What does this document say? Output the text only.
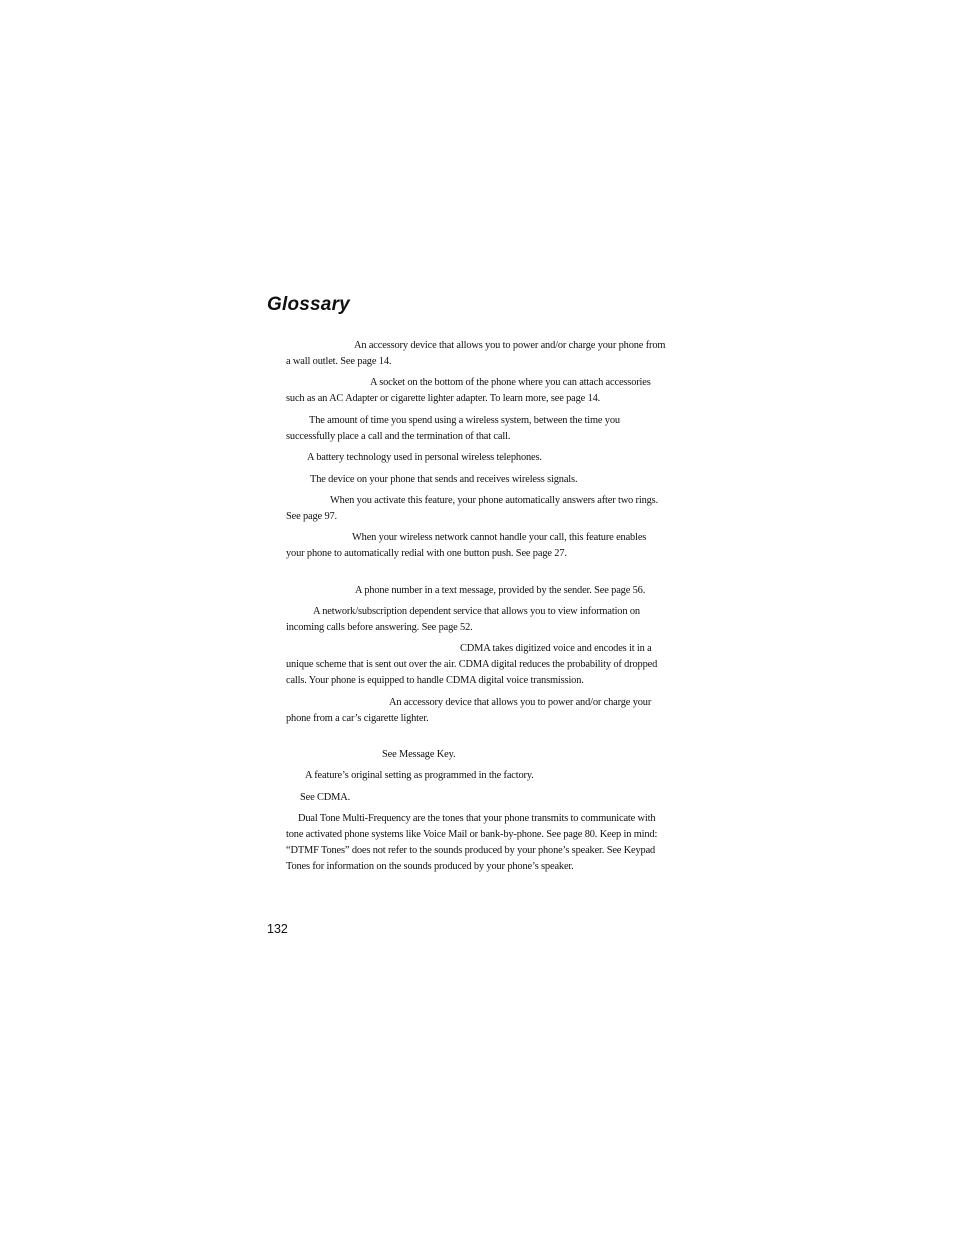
Glossary

An accessory device that allows you to power and/or charge your phone from a wall outlet. See page 14.

A socket on the bottom of the phone where you can attach accessories such as an AC Adapter or cigarette lighter adapter. To learn more, see page 14.

The amount of time you spend using a wireless system, between the time you successfully place a call and the termination of that call.

A battery technology used in personal wireless telephones.

The device on your phone that sends and receives wireless signals.

When you activate this feature, your phone automatically answers after two rings. See page 97.

When your wireless network cannot handle your call, this feature enables your phone to automatically redial with one button push. See page 27.

A phone number in a text message, provided by the sender. See page 56.

A network/subscription dependent service that allows you to view information on incoming calls before answering. See page 52.

CDMA takes digitized voice and encodes it in a unique scheme that is sent out over the air. CDMA digital reduces the probability of dropped calls. Your phone is equipped to handle CDMA digital voice transmission.

An accessory device that allows you to power and/or charge your phone from a car’s cigarette lighter.

See Message Key.

A feature’s original setting as programmed in the factory.

See CDMA.

Dual Tone Multi-Frequency are the tones that your phone transmits to communicate with tone activated phone systems like Voice Mail or bank-by-phone. See page 80. Keep in mind: “DTMF Tones” does not refer to the sounds produced by your phone’s speaker. See Keypad Tones for information on the sounds produced by your phone’s speaker.

132
